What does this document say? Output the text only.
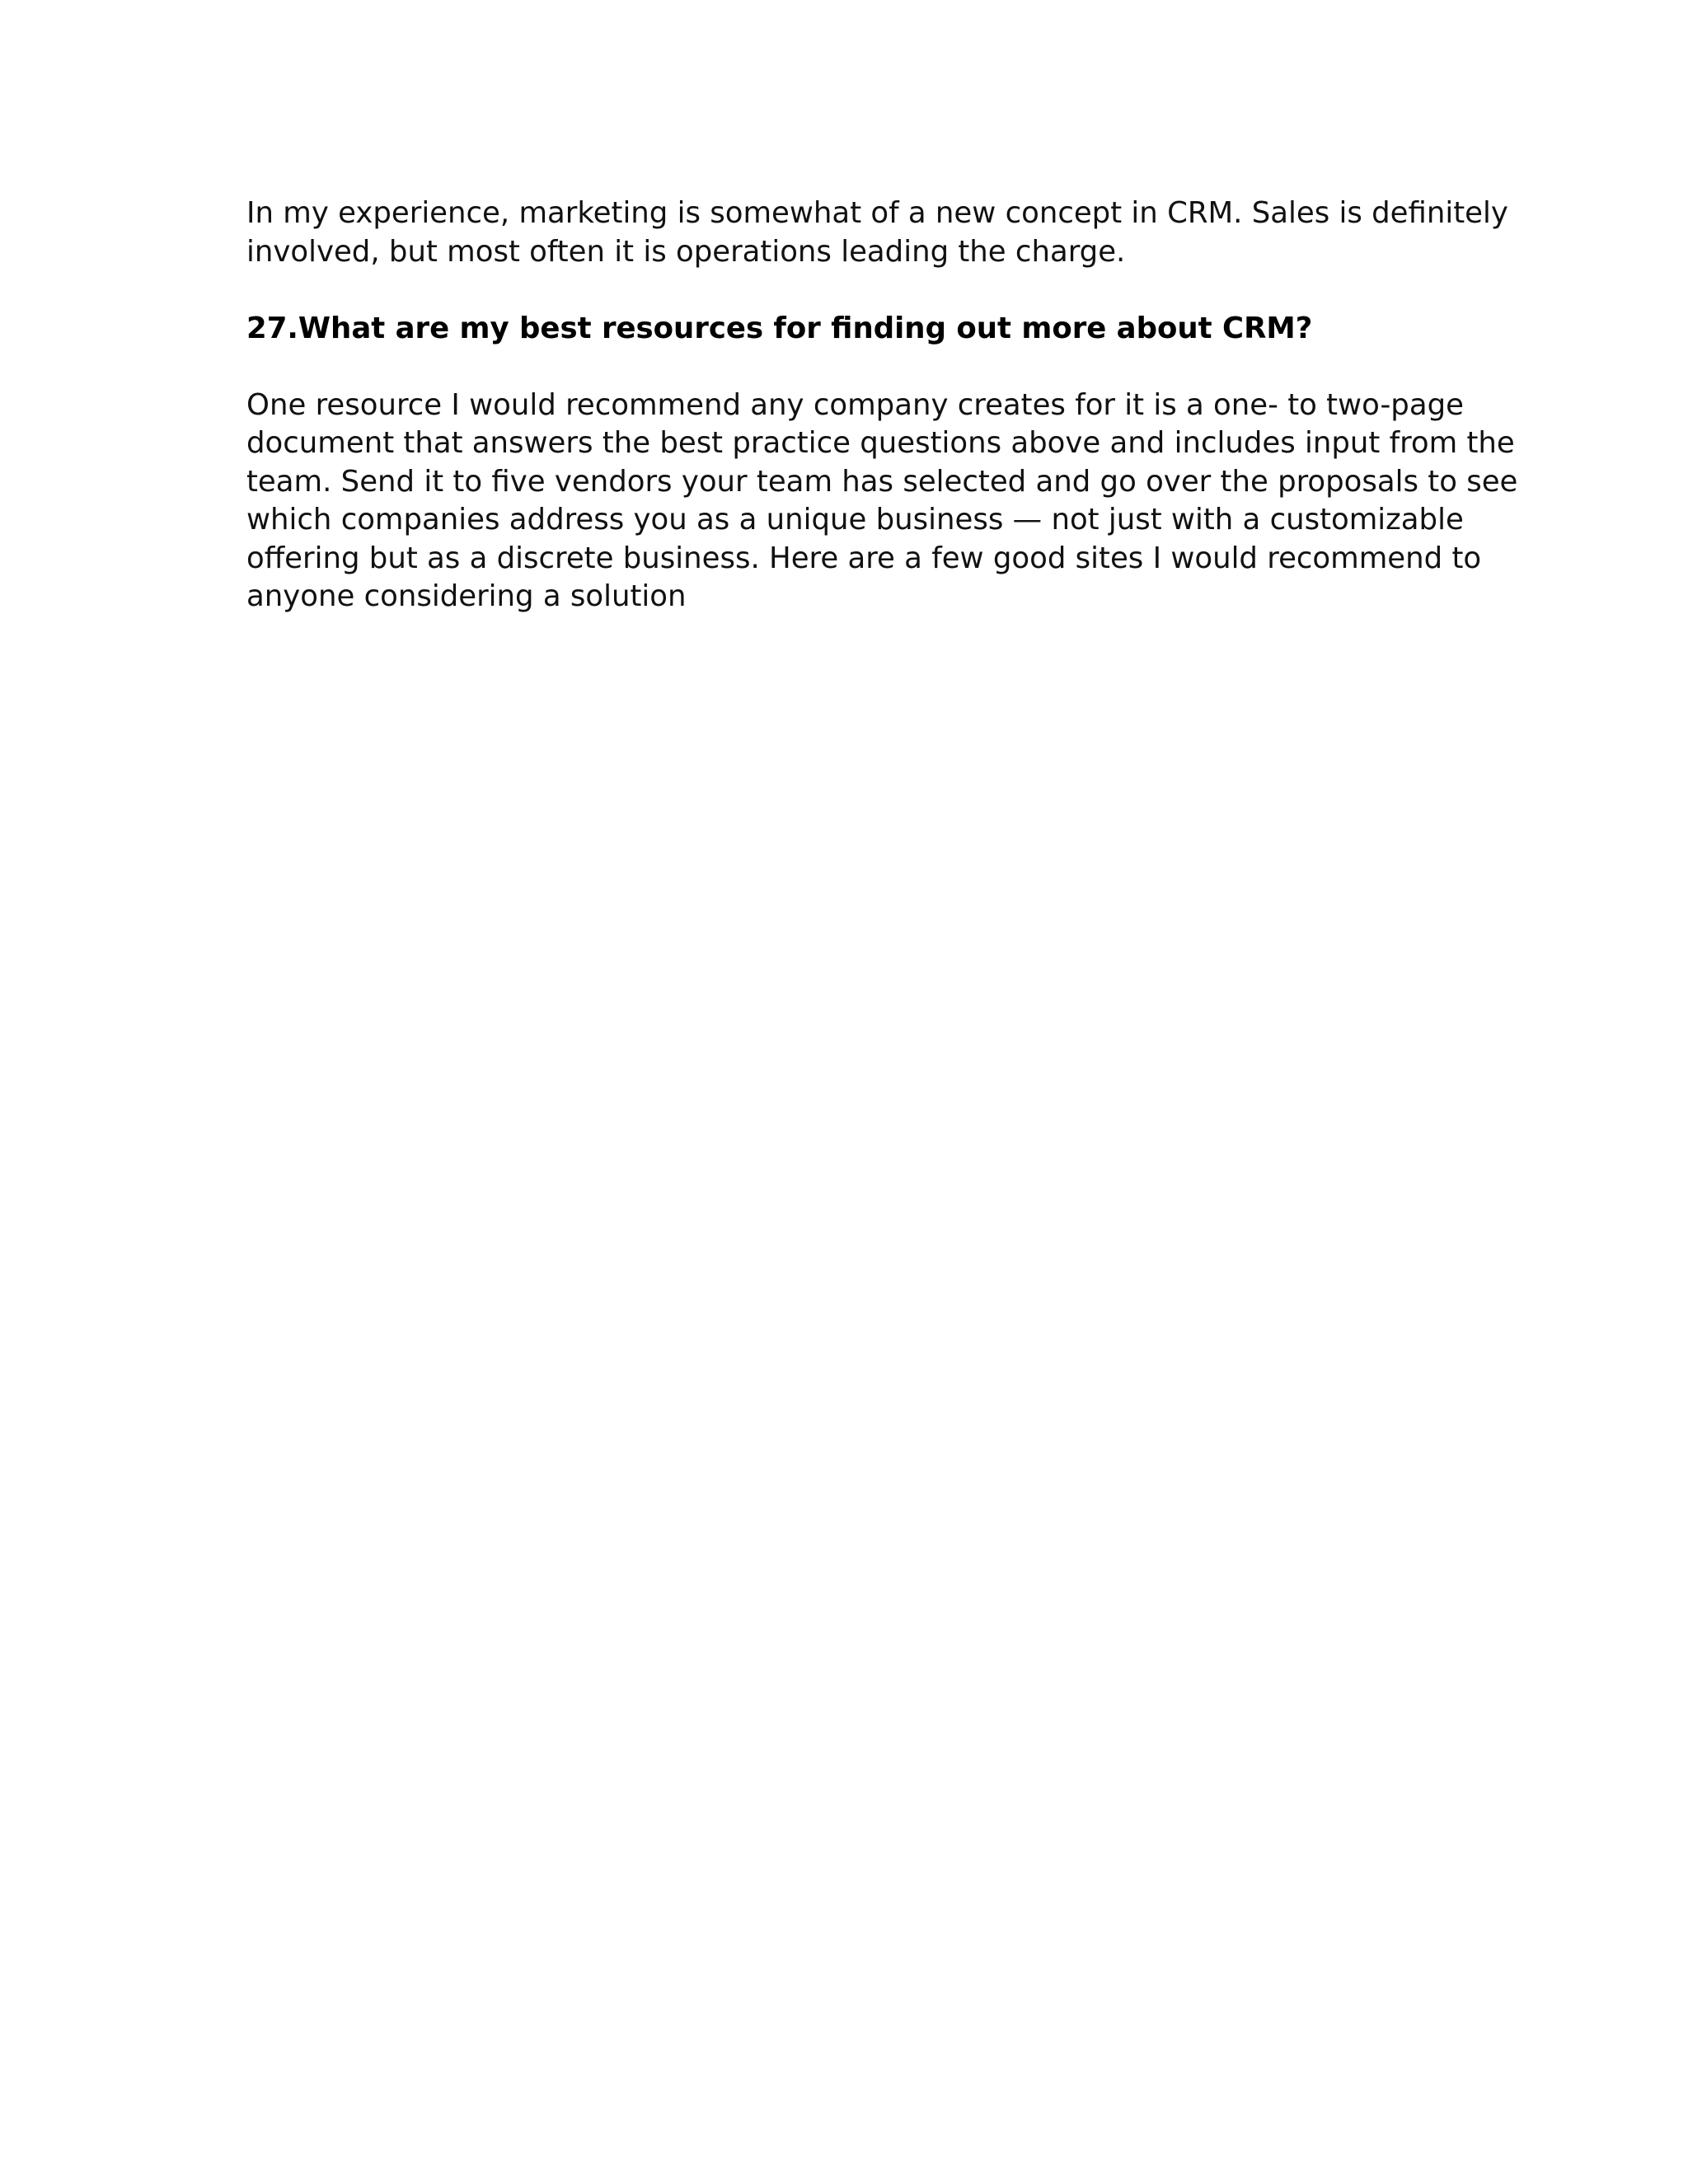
In my experience, marketing is somewhat of a new concept in CRM. Sales is definitely
involved, but most often it is operations leading the charge.

27.What are my best resources for finding out more about CRM?

One resource I would recommend any company creates for it is a one- to two-page
document that answers the best practice questions above and includes input from the
team. Send it to five vendors your team has selected and go over the proposals to see
which companies address you as a unique business — not just with a customizable
offering but as a discrete business. Here are a few good sites I would recommend to
anyone considering a solution
